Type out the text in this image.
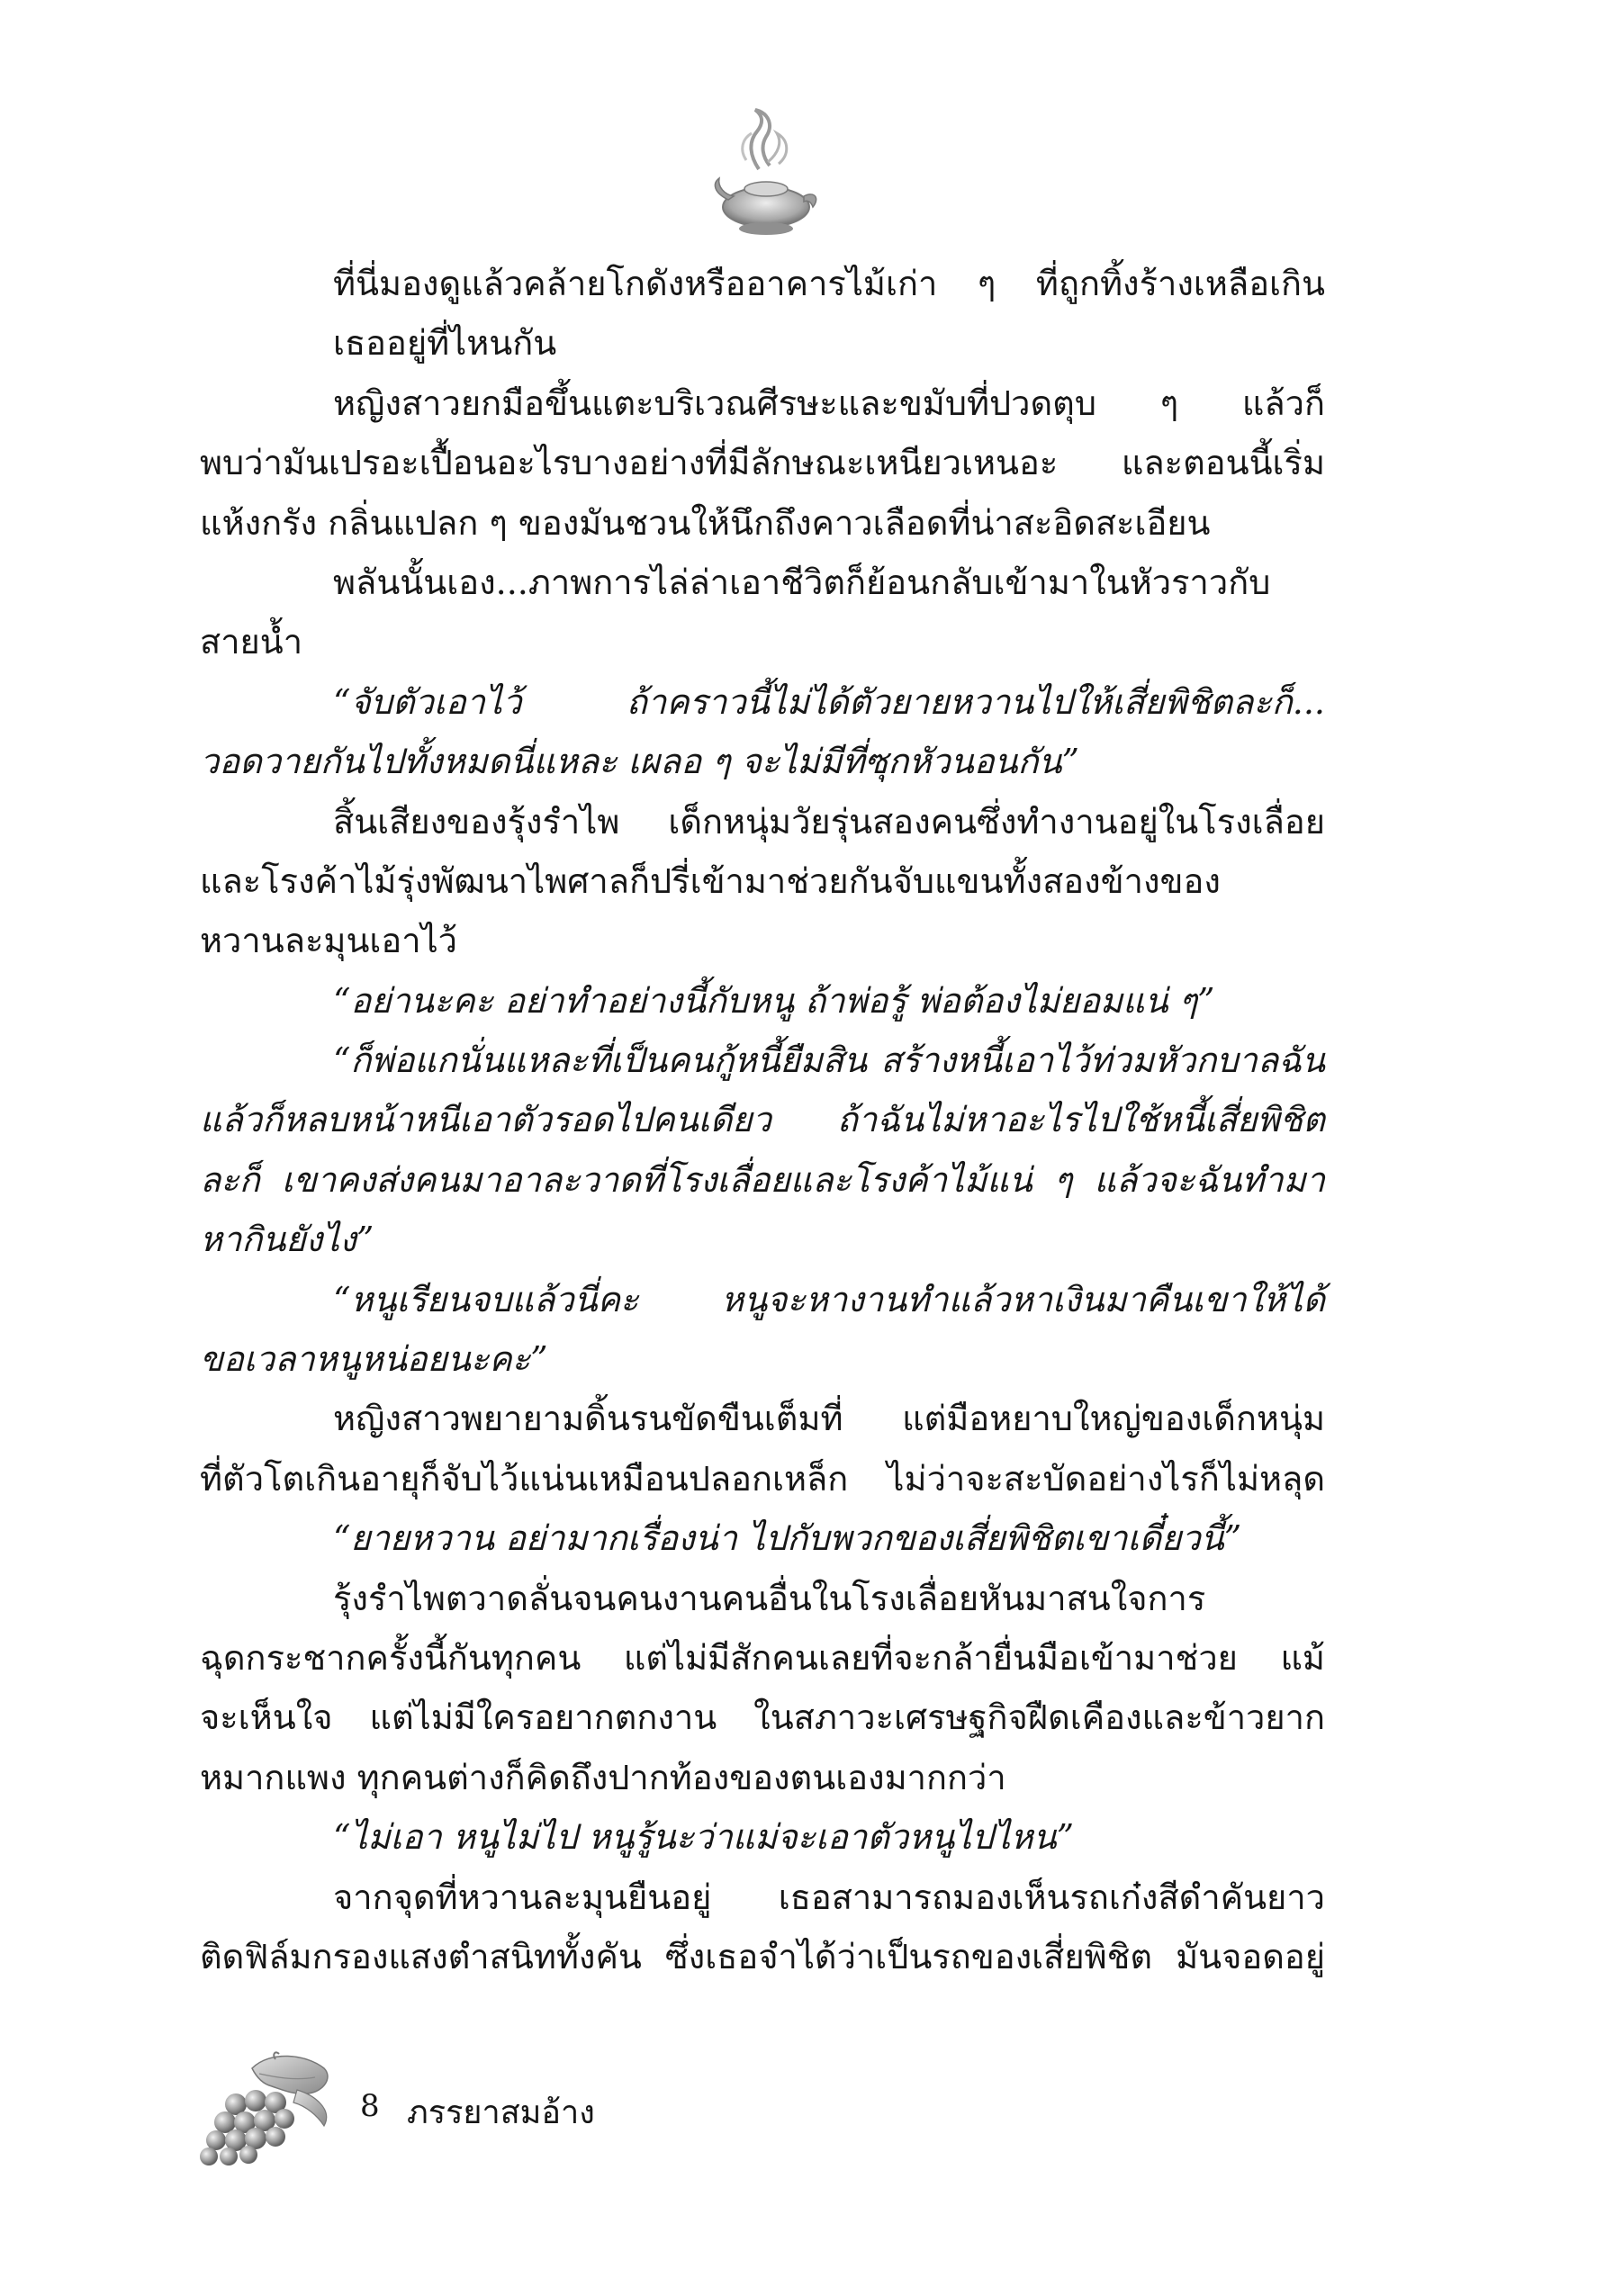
ที่นี่มองดูแล้วคล้ายโกดังหรืออาคารไม้เก่า ๆ ที่ถูกทิ้งร้างเหลือเกิน
เธออยู่ที่ไหนกัน
หญิงสาวยกมือขึ้นแตะบริเวณศีรษะและขมับที่ปวดตุบ ๆ แล้วก็
พบว่ามันเปรอะเปื้อนอะไรบางอย่างที่มีลักษณะเหนียวเหนอะ และตอนนี้เริ่ม
แห้งกรัง กลิ่นแปลก ๆ ของมันชวนให้นึกถึงคาวเลือดที่น่าสะอิดสะเอียน
พลันนั้นเอง...ภาพการไล่ล่าเอาชีวิตก็ย้อนกลับเข้ามาในหัวราวกับ
สายน้ำ
“จับตัวเอาไว้ ถ้าคราวนี้ไม่ได้ตัวยายหวานไปให้เสี่ยพิชิตละก็...
วอดวายกันไปทั้งหมดนี่แหละ เผลอ ๆ จะไม่มีที่ซุกหัวนอนกัน”
สิ้นเสียงของรุ้งรำไพ เด็กหนุ่มวัยรุ่นสองคนซึ่งทำงานอยู่ในโรงเลื่อย
และโรงค้าไม้รุ่งพัฒนาไพศาลก็ปรี่เข้ามาช่วยกันจับแขนทั้งสองข้างของ
หวานละมุนเอาไว้
“อย่านะคะ อย่าทำอย่างนี้กับหนู ถ้าพ่อรู้ พ่อต้องไม่ยอมแน่ ๆ”
“ก็พ่อแกนั่นแหละที่เป็นคนกู้หนี้ยืมสิน สร้างหนี้เอาไว้ท่วมหัวกบาลฉัน
แล้วก็หลบหน้าหนีเอาตัวรอดไปคนเดียว ถ้าฉันไม่หาอะไรไปใช้หนี้เสี่ยพิชิต
ละก็ เขาคงส่งคนมาอาละวาดที่โรงเลื่อยและโรงค้าไม้แน่ ๆ แล้วจะฉันทำมา
หากินยังไง”
“หนูเรียนจบแล้วนี่คะ หนูจะหางานทำแล้วหาเงินมาคืนเขาให้ได้
ขอเวลาหนูหน่อยนะคะ”
หญิงสาวพยายามดิ้นรนขัดขืนเต็มที่ แต่มือหยาบใหญ่ของเด็กหนุ่ม
ที่ตัวโตเกินอายุก็จับไว้แน่นเหมือนปลอกเหล็ก ไม่ว่าจะสะบัดอย่างไรก็ไม่หลุด
“ยายหวาน อย่ามากเรื่องน่า ไปกับพวกของเสี่ยพิชิตเขาเดี๋ยวนี้”
รุ้งรำไพตวาดลั่นจนคนงานคนอื่นในโรงเลื่อยหันมาสนใจการ
ฉุดกระชากครั้งนี้กันทุกคน แต่ไม่มีสักคนเลยที่จะกล้ายื่นมือเข้ามาช่วย แม้
จะเห็นใจ แต่ไม่มีใครอยากตกงาน ในสภาวะเศรษฐกิจฝืดเคืองและข้าวยาก
หมากแพง ทุกคนต่างก็คิดถึงปากท้องของตนเองมากกว่า
“ไม่เอา หนูไม่ไป หนูรู้นะว่าแม่จะเอาตัวหนูไปไหน”
จากจุดที่หวานละมุนยืนอยู่ เธอสามารถมองเห็นรถเก๋งสีดำคันยาว
ติดฟิล์มกรองแสงตำสนิททั้งคัน ซึ่งเธอจำได้ว่าเป็นรถของเสี่ยพิชิต มันจอดอยู่
8 ภรรยาสมอ้าง
